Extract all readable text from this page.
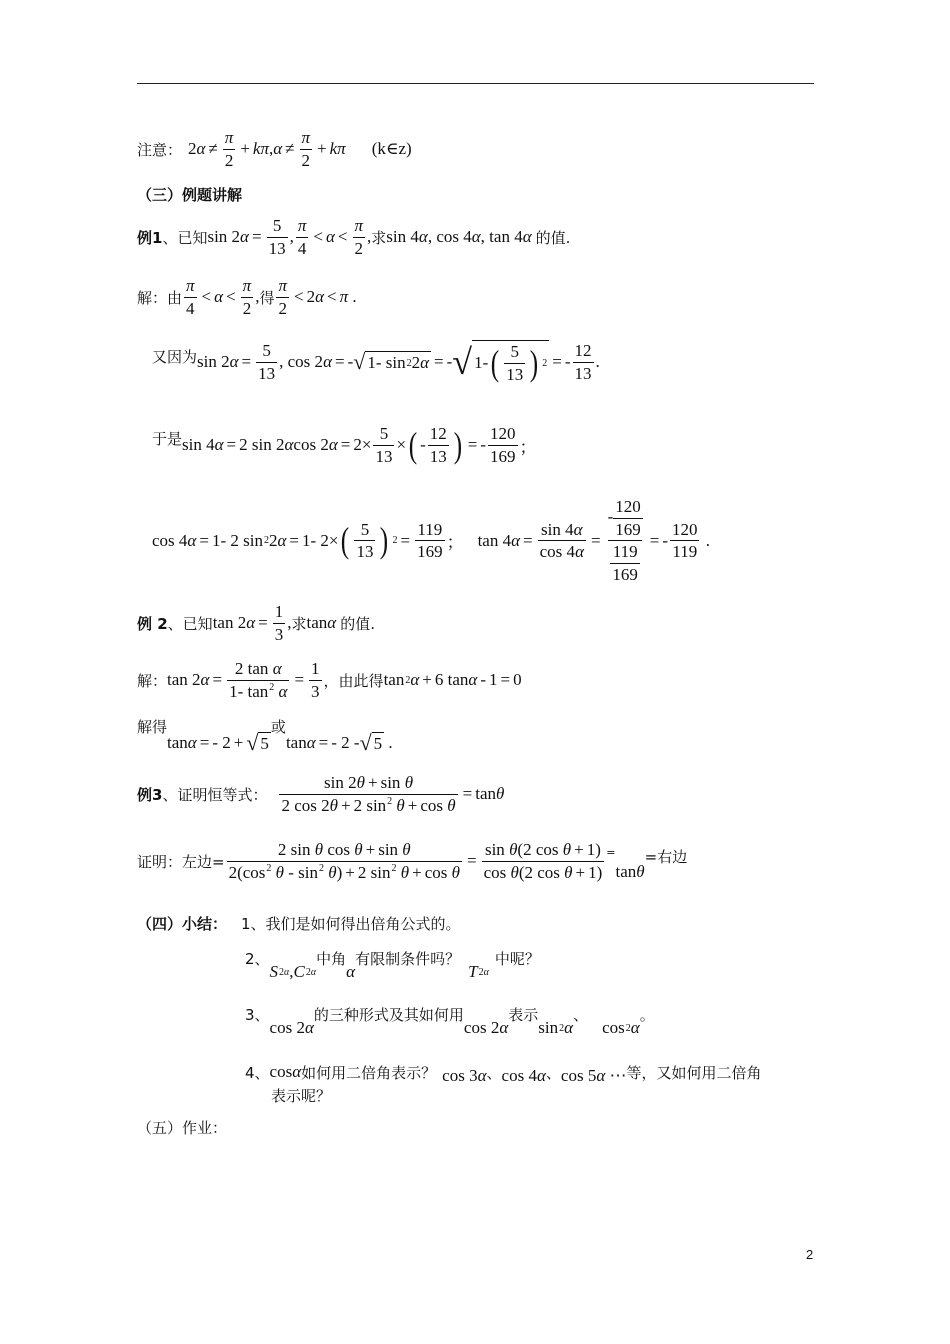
注意： 2 $\alpha \ne \frac{\pi}{2} + k\pi$ , $\alpha \ne \frac{\pi}{2} + k\pi$ (k∈z)
（三）例题讲解
例1 、已知 sin 2 $\alpha = \frac{5}{13}$ , $\frac{\pi}{4} < \alpha < \frac{\pi}{2}$ , 求 sin 4 α , cos 4 α , tan 4 α 的值.
解：由 $\frac{\pi}{4} < \alpha < \frac{\pi}{2}$ , 得 $\frac{\pi}{2} < 2$ α < π .
又因为 sin 2 $\alpha = \frac{5}{13}$ , cos 2 α = - √ 1- sin 2 2 α = - √ 1- ( $\frac{5}{13}$ ) 2 = - $\frac{12}{13}$ .
于是 sin 4 α = 2 sin 2 α cos 2 $\alpha = 2\times \frac{5}{13}$ × ( - $\frac{12}{13}$ ) = - $\frac{120}{169}$ ；
cos 4 α = 1- 2 sin 2 2 α = 1- 2× ( $\frac{5}{13}$ ) $2 = \frac{119}{169}$ ； tan 4 $\alpha = \frac{\sin 4\alpha}{\cos 4\alpha} = \frac{- \frac{120}{169}}{\frac{119}{169}}$ = - $\frac{120}{119}$ .
例 2 、已知 tan 2 $\alpha = \frac{1}{3}$ , 求 tan α 的值.
解： tan 2 $\alpha = \frac{\text{2 tan α}}{1- \tan^2 \alpha} = \frac{1}{3}$ ，由此得 tan 2 α + 6 tan α - 1 = 0
解得
tan α = - 2 + √ 5
或
tan α = - 2 - √ 5 .
例3 、证明恒等式： $\frac{\text{sin 2θ + sin θ}}{2 \cos 2\theta + 2 \sin^2 \theta + \cos \theta} = \tan \theta$
证明：左边= $\frac{\text{2 sin θ cos θ + sin θ}}{2(\cos^2 \theta - \sin^2 \theta) + 2 \sin^2 \theta + \cos \theta} = \frac{\text{sin θ(2 cos θ + 1)}}{\text{cos θ(2 cos θ + 1)}}$ =
tan θ
=右边
（四）小结： 1、我们是如何得出倍角公式的。
2、
S 2α , C 2α
中角
α
有限制条件吗？
T 2α
中呢？
3、
cos 2 α
的三种形式及其如何用
cos 2 α
表示
sin 2 α
、
cos 2 α
。
4、 cos α 如何用二倍角表示？ cos 3 α 、 cos 4 α 、 cos 5 α ⋯ 等，又如何用二倍角
表示呢？
（五）作业：
2
